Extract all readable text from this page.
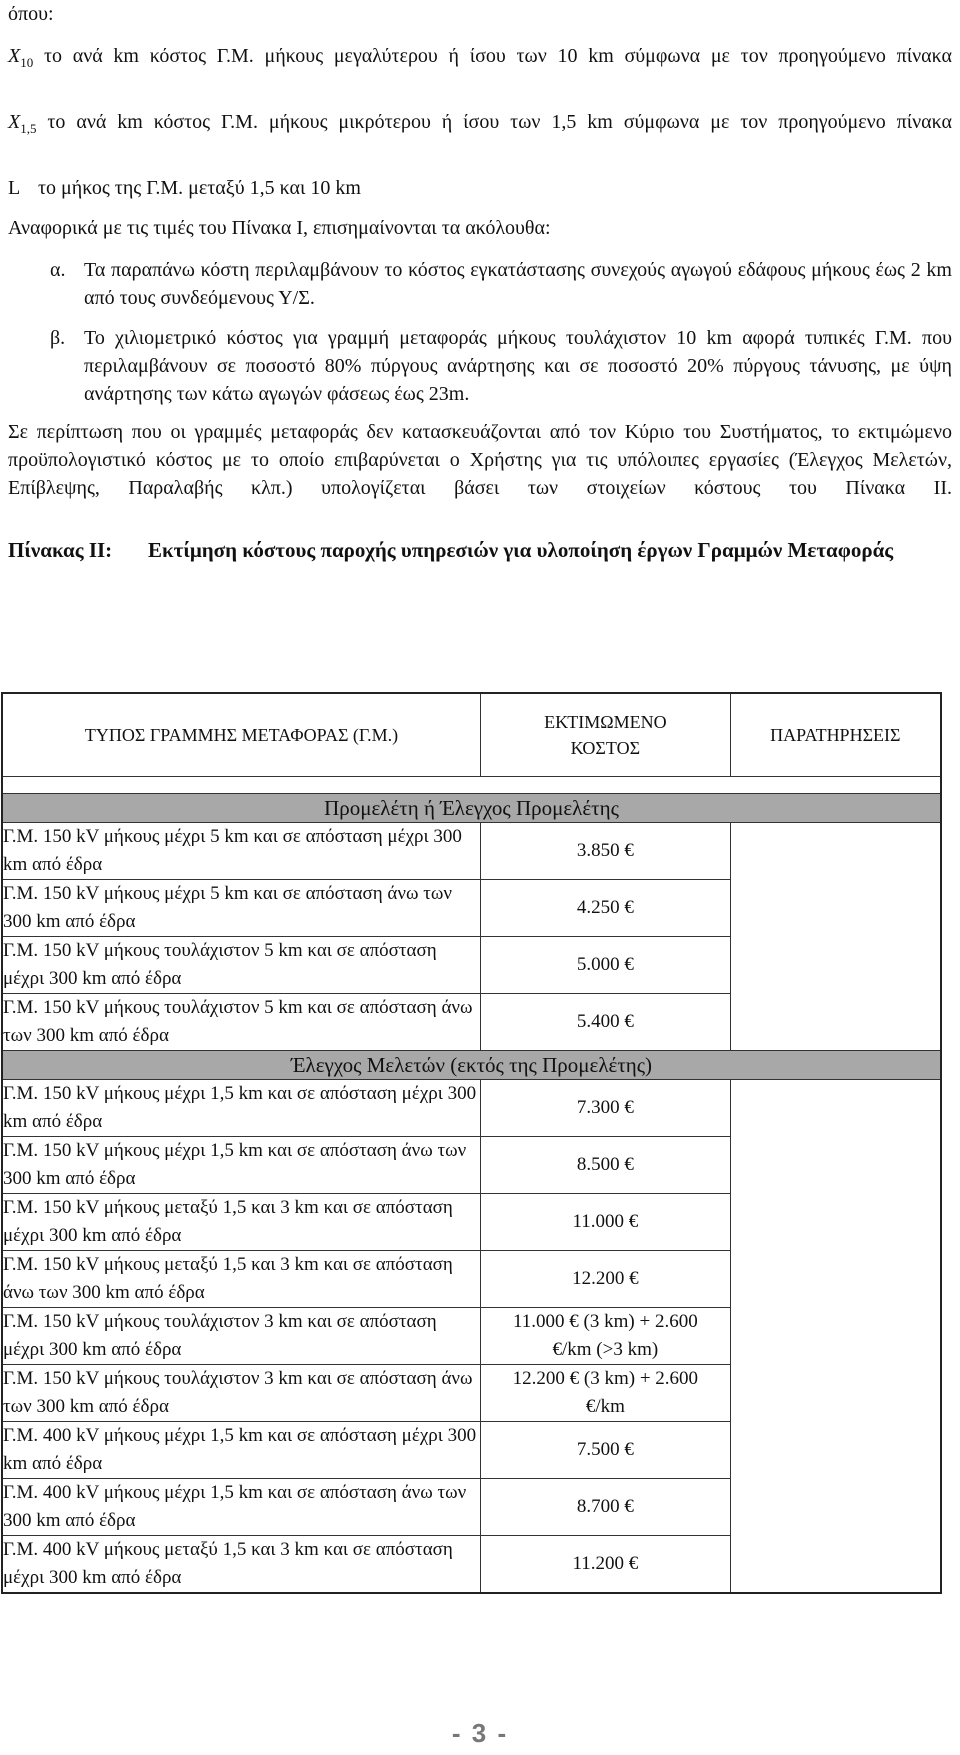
όπου:

$X_{10}$ το ανά km κόστος Γ.Μ. μήκους μεγαλύτερου ή ίσου των 10 km σύμφωνα με τον προηγούμενο πίνακα

$X_{1,5}$ το ανά km κόστος Γ.Μ. μήκους μικρότερου ή ίσου των 1,5 km σύμφωνα με τον προηγούμενο πίνακα

L το μήκος της Γ.Μ. μεταξύ 1,5 και 10 km

Αναφορικά με τις τιμές του Πίνακα Ι, επισημαίνονται τα ακόλουθα:

α. Τα παραπάνω κόστη περιλαμβάνουν το κόστος εγκατάστασης συνεχούς αγωγού εδάφους μήκους έως 2 km από τους συνδεόμενους Υ/Σ.
β. Το χιλιομετρικό κόστος για γραμμή μεταφοράς μήκους τουλάχιστον 10 km αφορά τυπικές Γ.Μ. που περιλαμβάνουν σε ποσοστό 80% πύργους ανάρτησης και σε ποσοστό 20% πύργους τάνυσης, με ύψη ανάρτησης των κάτω αγωγών φάσεως έως 23m.

Σε περίπτωση που οι γραμμές μεταφοράς δεν κατασκευάζονται από τον Κύριο του Συστήματος, το εκτιμώμενο προϋπολογιστικό κόστος με το οποίο επιβαρύνεται ο Χρήστης για τις υπόλοιπες εργασίες (Έλεγχος Μελετών, Επίβλεψης, Παραλαβής κλπ.) υπολογίζεται βάσει των στοιχείων κόστους του Πίνακα ΙΙ.

Πίνακας ΙΙ:	Εκτίμηση κόστους παροχής υπηρεσιών για υλοποίηση έργων Γραμμών Μεταφοράς
ΤΥΠΟΣ ΓΡΑΜΜΗΣ ΜΕΤΑΦΟΡΑΣ (Γ.Μ.)	ΕΚΤΙΜΩΜΕΝΟ ΚΟΣΤΟΣ	ΠΑΡΑΤΗΡΗΣΕΙΣ

Προμελέτη ή Έλεγχος Προμελέτης		
Γ.Μ. 150 kV μήκους μέχρι 5 km και σε απόσταση μέχρι 300 km από έδρα	3.850 €	
Γ.Μ. 150 kV μήκους μέχρι 5 km και σε απόσταση άνω των 300 km από έδρα	4.250 €	
Γ.Μ. 150 kV μήκους τουλάχιστον 5 km και σε απόσταση μέχρι 300 km από έδρα	5.000 €	
Γ.Μ. 150 kV μήκους τουλάχιστον 5 km και σε απόσταση άνω των 300 km από έδρα	5.400 €	
Έλεγχος Μελετών (εκτός της Προμελέτης)		
Γ.Μ. 150 kV μήκους μέχρι 1,5 km και σε απόσταση μέχρι 300 km από έδρα	7.300 €	
Γ.Μ. 150 kV μήκους μέχρι 1,5 km και σε απόσταση άνω των 300 km από έδρα	8.500 €	
Γ.Μ. 150 kV μήκους μεταξύ 1,5 και 3 km και σε απόσταση μέχρι 300 km από έδρα	11.000 €	
Γ.Μ. 150 kV μήκους μεταξύ 1,5 και 3 km και σε απόσταση άνω των 300 km από έδρα	12.200 €	
Γ.Μ. 150 kV μήκους τουλάχιστον 3 km και σε απόσταση μέχρι 300 km από έδρα	11.000 € (3 km) + 2.600 €/km (>3 km)	
Γ.Μ. 150 kV μήκους τουλάχιστον 3 km και σε απόσταση άνω των 300 km από έδρα	12.200 € (3 km) + 2.600 €/km	
Γ.Μ. 400 kV μήκους μέχρι 1,5 km και σε απόσταση μέχρι 300 km από έδρα	7.500 €	
Γ.Μ. 400 kV μήκους μέχρι 1,5 km και σε απόσταση άνω των 300 km από έδρα	8.700 €	
Γ.Μ. 400 kV μήκους μεταξύ 1,5 και 3 km και σε απόσταση μέχρι 300 km από έδρα	11.200 €	
- 3 -
